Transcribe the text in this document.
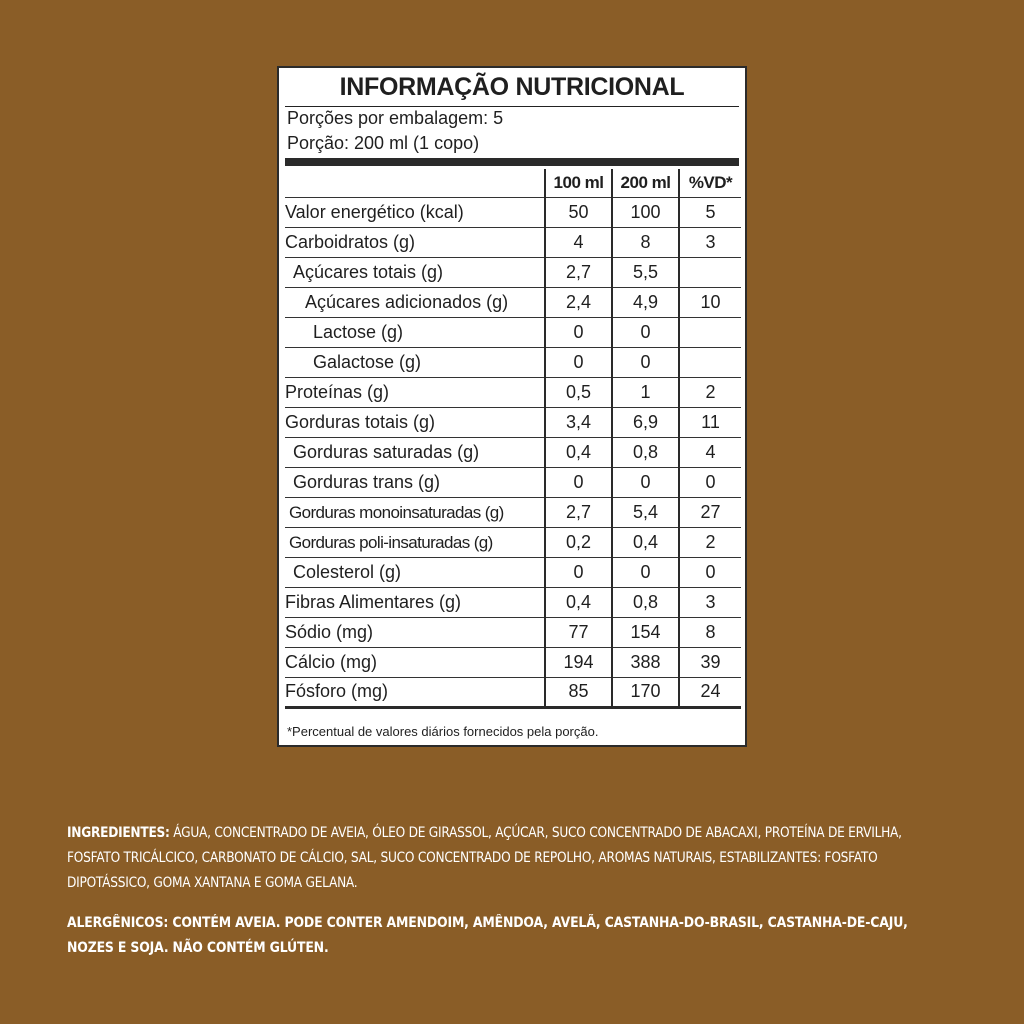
INFORMAÇÃO NUTRICIONAL
Porções por embalagem: 5
Porção: 200 ml (1 copo)
	100 ml	200 ml	%VD*
Valor energético (kcal)	50	100	5
Carboidratos (g)	4	8	3
Açúcares totais (g)	2,7	5,5	
Açúcares adicionados (g)	2,4	4,9	10
Lactose (g)	0	0	
Galactose (g)	0	0	
Proteínas (g)	0,5	1	2
Gorduras totais (g)	3,4	6,9	11
Gorduras saturadas (g)	0,4	0,8	4
Gorduras trans (g)	0	0	0
Gorduras monoinsaturadas (g)	2,7	5,4	27
Gorduras poli-insaturadas (g)	0,2	0,4	2
Colesterol (g)	0	0	0
Fibras Alimentares (g)	0,4	0,8	3
Sódio (mg)	77	154	8
Cálcio (mg)	194	388	39
Fósforo (mg)	85	170	24
*Percentual de valores diários fornecidos pela porção.
INGREDIENTES: ÁGUA, CONCENTRADO DE AVEIA, ÓLEO DE GIRASSOL, AÇÚCAR, SUCO CONCENTRADO DE ABACAXI, PROTEÍNA DE ERVILHA, FOSFATO TRICÁLCICO, CARBONATO DE CÁLCIO, SAL, SUCO CONCENTRADO DE REPOLHO, AROMAS NATURAIS, ESTABILIZANTES: FOSFATO DIPOTÁSSICO, GOMA XANTANA E GOMA GELANA.
ALERGÊNICOS: CONTÉM AVEIA. PODE CONTER AMENDOIM, AMÊNDOA, AVELÃ, CASTANHA-DO-BRASIL, CASTANHA-DE-CAJU, NOZES E SOJA. NÃO CONTÉM GLÚTEN.
